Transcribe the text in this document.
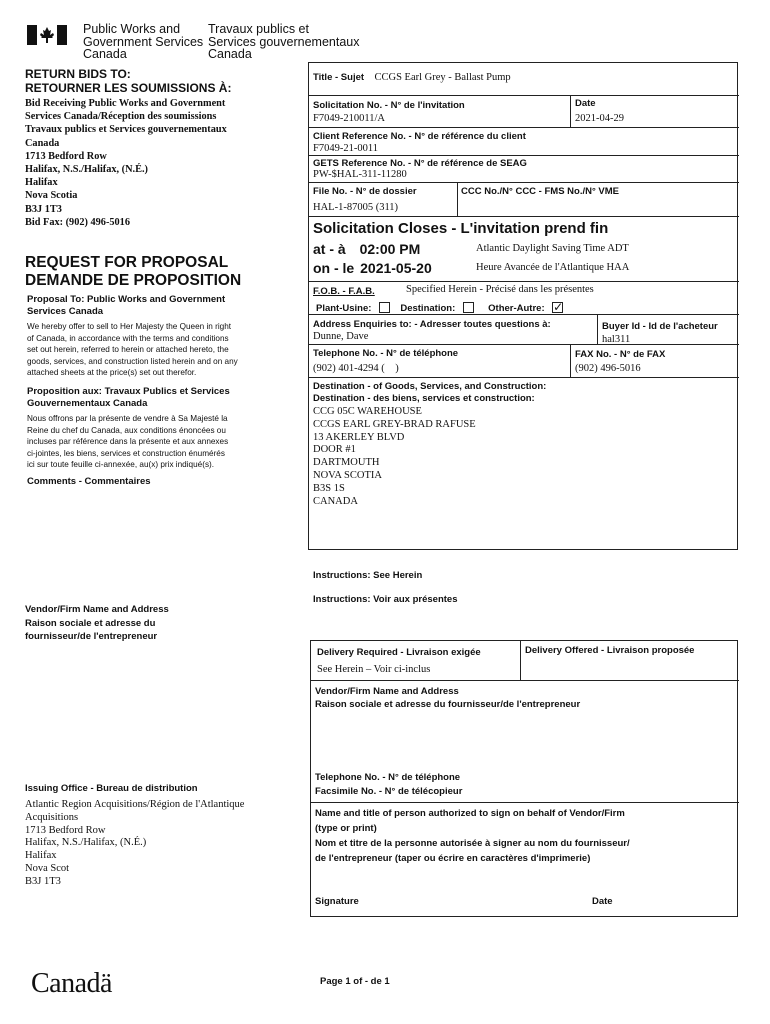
Public Works and
Government Services
Canada
Travaux publics et
Services gouvernementaux
Canada
RETURN BIDS TO:
RETOURNER LES SOUMISSIONS À:
Bid Receiving Public Works and Government
Services Canada/Réception des soumissions
Travaux publics et Services gouvernementaux
Canada
1713 Bedford Row
Halifax, N.S./Halifax, (N.É.)
Halifax
Nova Scotia
B3J 1T3
Bid Fax: (902) 496-5016
REQUEST FOR PROPOSAL
DEMANDE DE PROPOSITION
Proposal To: Public Works and Government
Services Canada
We hereby offer to sell to Her Majesty the Queen in right
of Canada, in accordance with the terms and conditions
set out herein, referred to herein or attached hereto, the
goods, services, and construction listed herein and on any
attached sheets at the price(s) set out therefor.
Proposition aux: Travaux Publics et Services
Gouvernementaux Canada
Nous offrons par la présente de vendre à Sa Majesté la
Reine du chef du Canada, aux conditions énoncées ou
incluses par référence dans la présente et aux annexes
ci-jointes, les biens, services et construction énumérés
ici sur toute feuille ci-annexée, au(x) prix indiqué(s).
Comments - Commentaires
Vendor/Firm Name and Address
Raison sociale et adresse du
fournisseur/de l'entrepreneur
Issuing Office - Bureau de distribution
Atlantic Region Acquisitions/Région de l'Atlantique
Acquisitions
1713 Bedford Row
Halifax, N.S./Halifax, (N.É.)
Halifax
Nova Scot
B3J 1T3
Title - Sujet CCGS Earl Grey - Ballast Pump
Solicitation No. - N° de l'invitation
F7049-210011/A
Date
2021-04-29
Client Reference No. - N° de référence du client
F7049-21-0011
GETS Reference No. - N° de référence de SEAG
PW-$HAL-311-11280
File No. - N° de dossier
HAL-1-87005 (311)
CCC No./N° CCC - FMS No./N° VME
Solicitation Closes - L'invitation prend fin
at - à 02:00 PM	Atlantic Daylight Saving Time ADT
on - le 2021-05-20	Heure Avancée de l'Atlantique HAA
F.O.B. - F.A.B.	Specified Herein - Précisé dans les présentes
Plant-Usine:	Destination:	Other-Autre: ✓
Address Enquiries to: - Adresser toutes questions à:
Dunne, Dave
Buyer Id - Id de l'acheteur
hal311
Telephone No. - N° de téléphone
(902) 401-4294 (    )
FAX No. - N° de FAX
(902) 496-5016
Destination - of Goods, Services, and Construction:
Destination - des biens, services et construction:
CCG 05C WAREHOUSE
CCGS EARL GREY-BRAD RAFUSE
13 AKERLEY BLVD
DOOR #1
DARTMOUTH
NOVA SCOTIA
B3S 1S
CANADA
Instructions: See Herein
Instructions: Voir aux présentes
Delivery Required - Livraison exigée
See Herein – Voir ci-inclus
Delivery Offered - Livraison proposée
Vendor/Firm Name and Address
Raison sociale et adresse du fournisseur/de l'entrepreneur
Telephone No. - N° de téléphone
Facsimile No. - N° de télécopieur
Name and title of person authorized to sign on behalf of Vendor/Firm
(type or print)
Nom et titre de la personne autorisée à signer au nom du fournisseur/
de l'entrepreneur (taper ou écrire en caractères d'imprimerie)
Signature	Date
Canadä	Page 1 of - de 1
